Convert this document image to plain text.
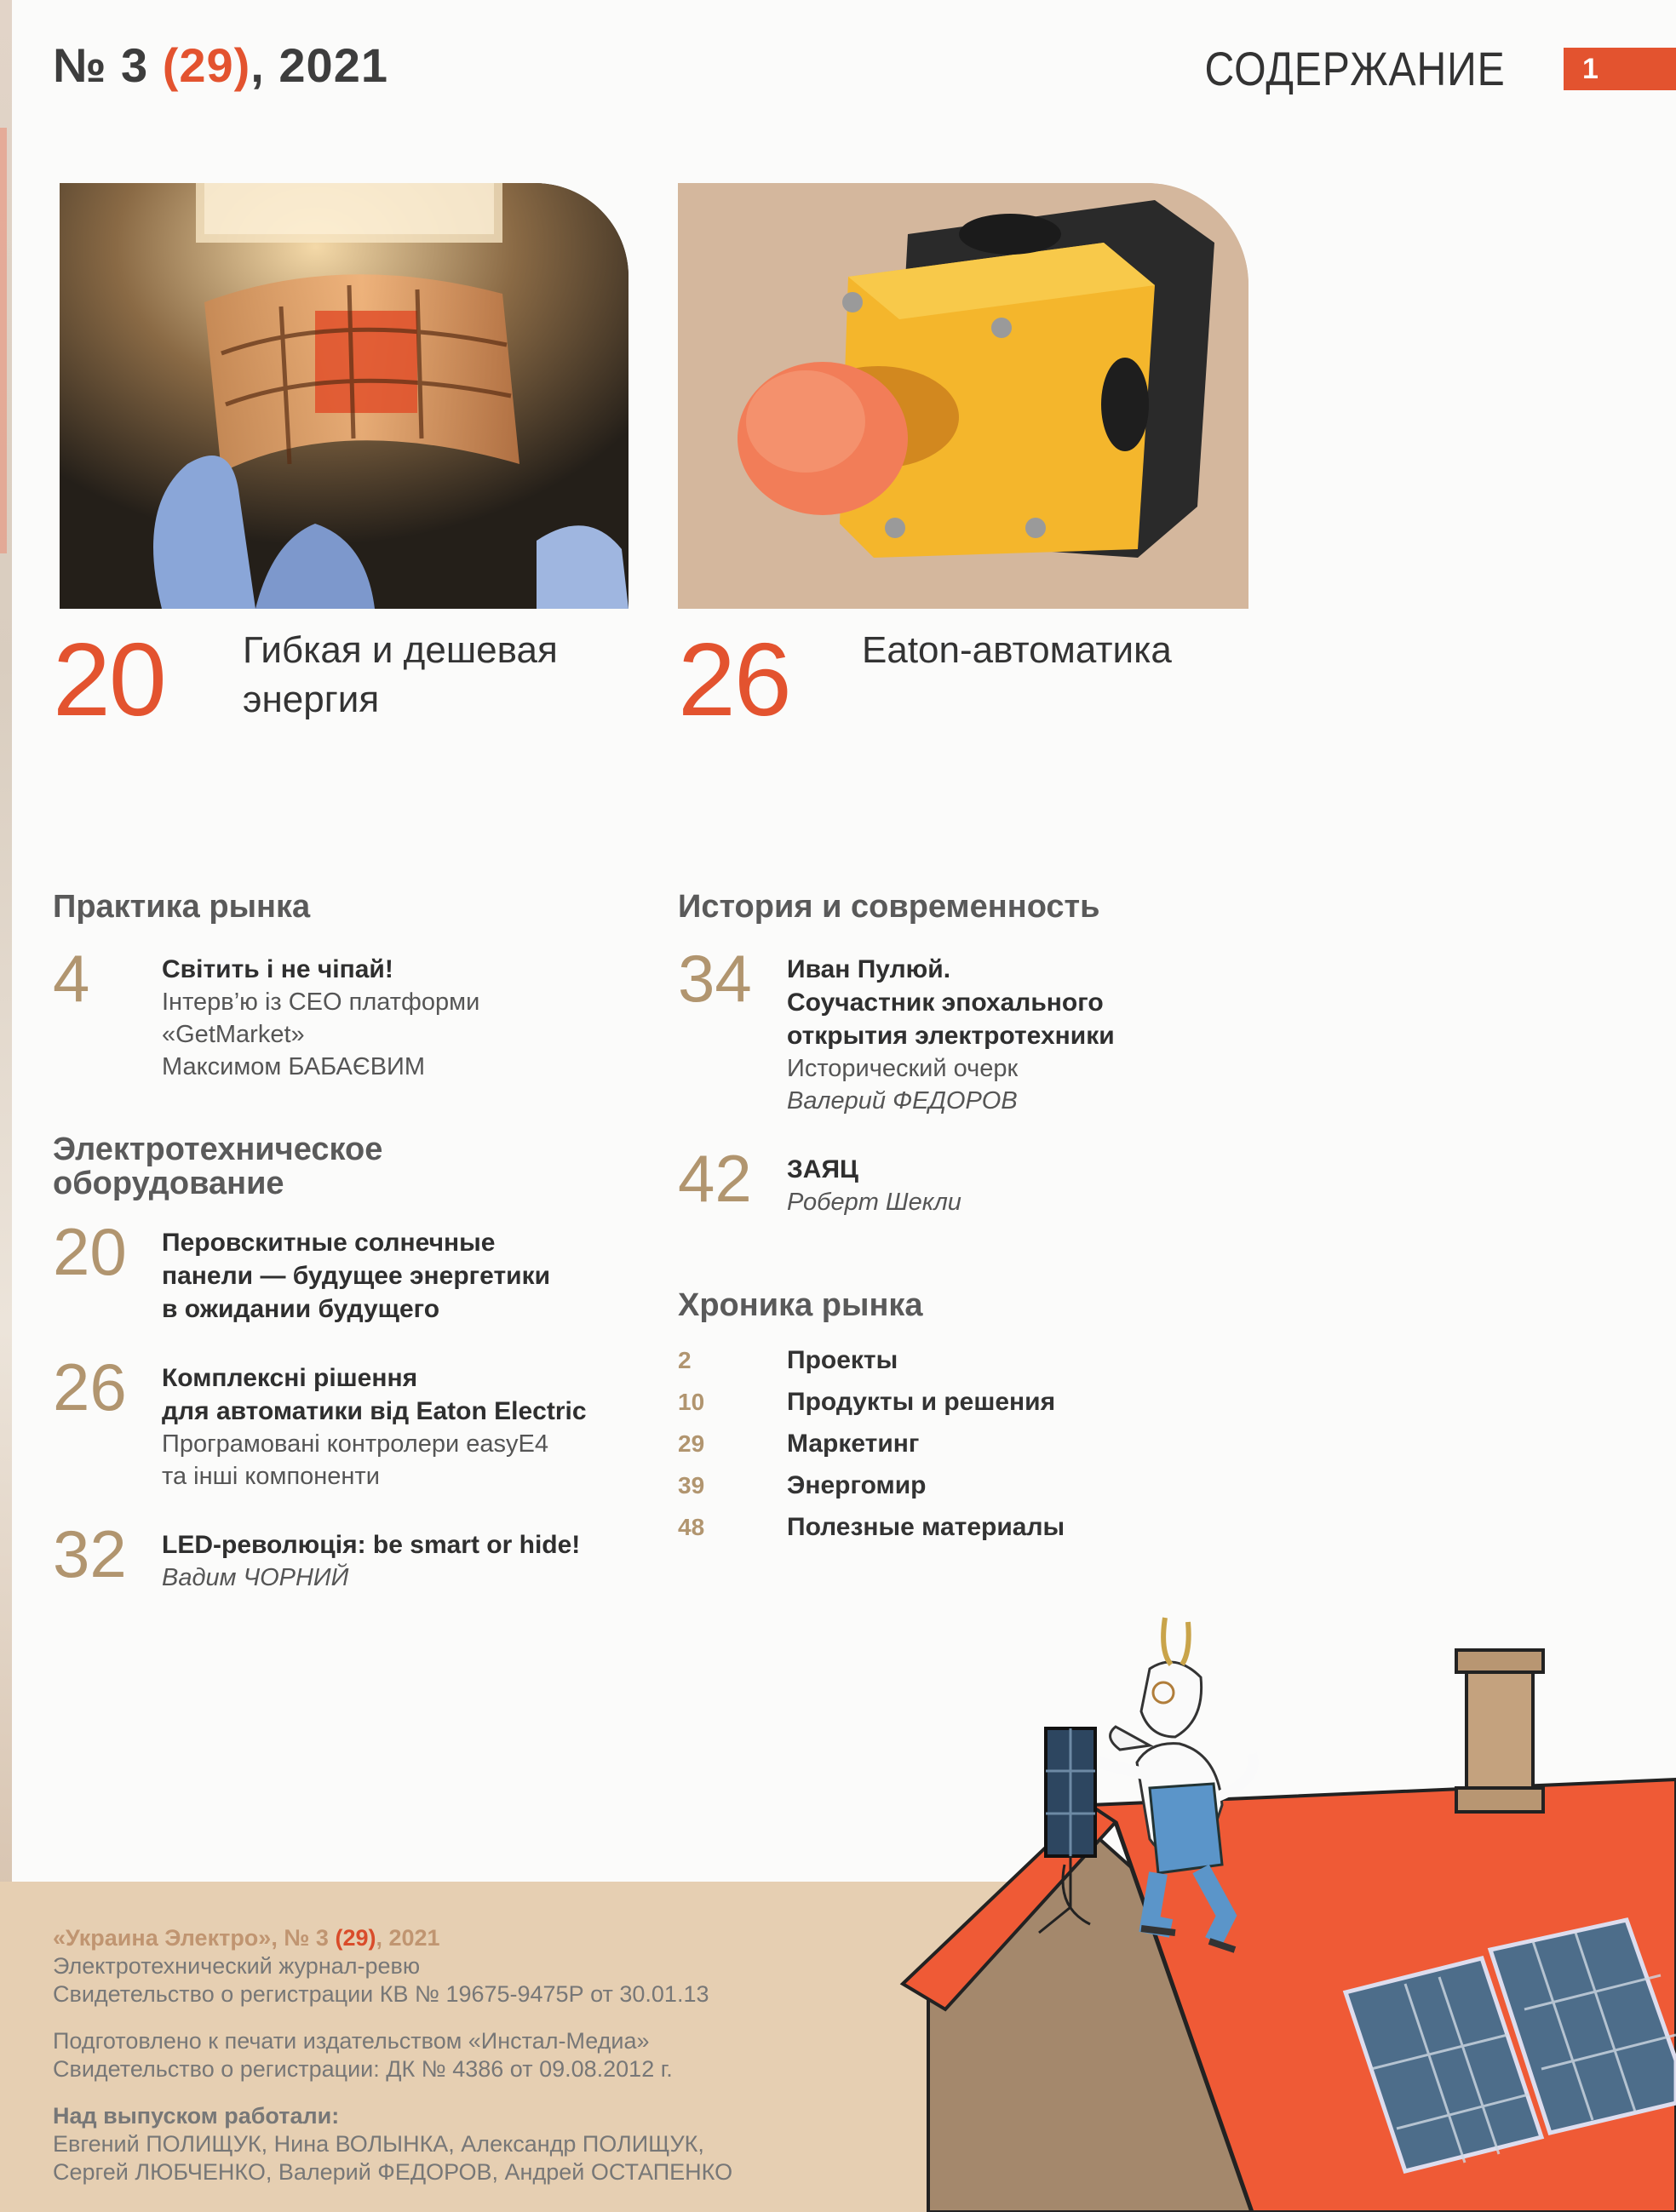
№ 3 (29), 2021	СОДЕРЖАНИЕ	1
20 Гибкая и дешевая энергия	26 Eaton-автоматика
Практика рынка
4	Світить і не чіпай!
Інтерв’ю із СЕО платформи
«GetMarket»
Максимом БАБАЄВИМ
Электротехническое
оборудование
20	Перовскитные солнечные
панели — будущее энергетики
в ожидании будущего
26	Комплексні рішення
для автоматики від Eaton Electric
Програмовані контролери easyE4
та інші компоненти
32	LED-революція: be smart or hide!
Вадим ЧОРНИЙ
История и современность
34	Иван Пулюй.
Соучастник эпохального
открытия электротехники
Исторический очерк
Валерий ФЕДОРОВ
42	ЗАЯЦ
Роберт Шекли
Хроника рынка
2	Проекты
10	Продукты и решения
29	Маркетинг
39	Энергомир
48	Полезные материалы

«Украина Электро», № 3 (29), 2021

Электротехнический журнал-ревю

Свидетельство о регистрации КВ № 19675-9475Р от 30.01.13

Подготовлено к печати издательством «Инстал-Медиа»

Свидетельство о регистрации: ДК № 4386 от 09.08.2012 г.

Над выпуском работали:

Евгений ПОЛИЩУК, Нина ВОЛЫНКА, Александр ПОЛИЩУК,

Сергей ЛЮБЧЕНКО, Валерий ФЕДОРОВ, Андрей ОСТАПЕНКО
